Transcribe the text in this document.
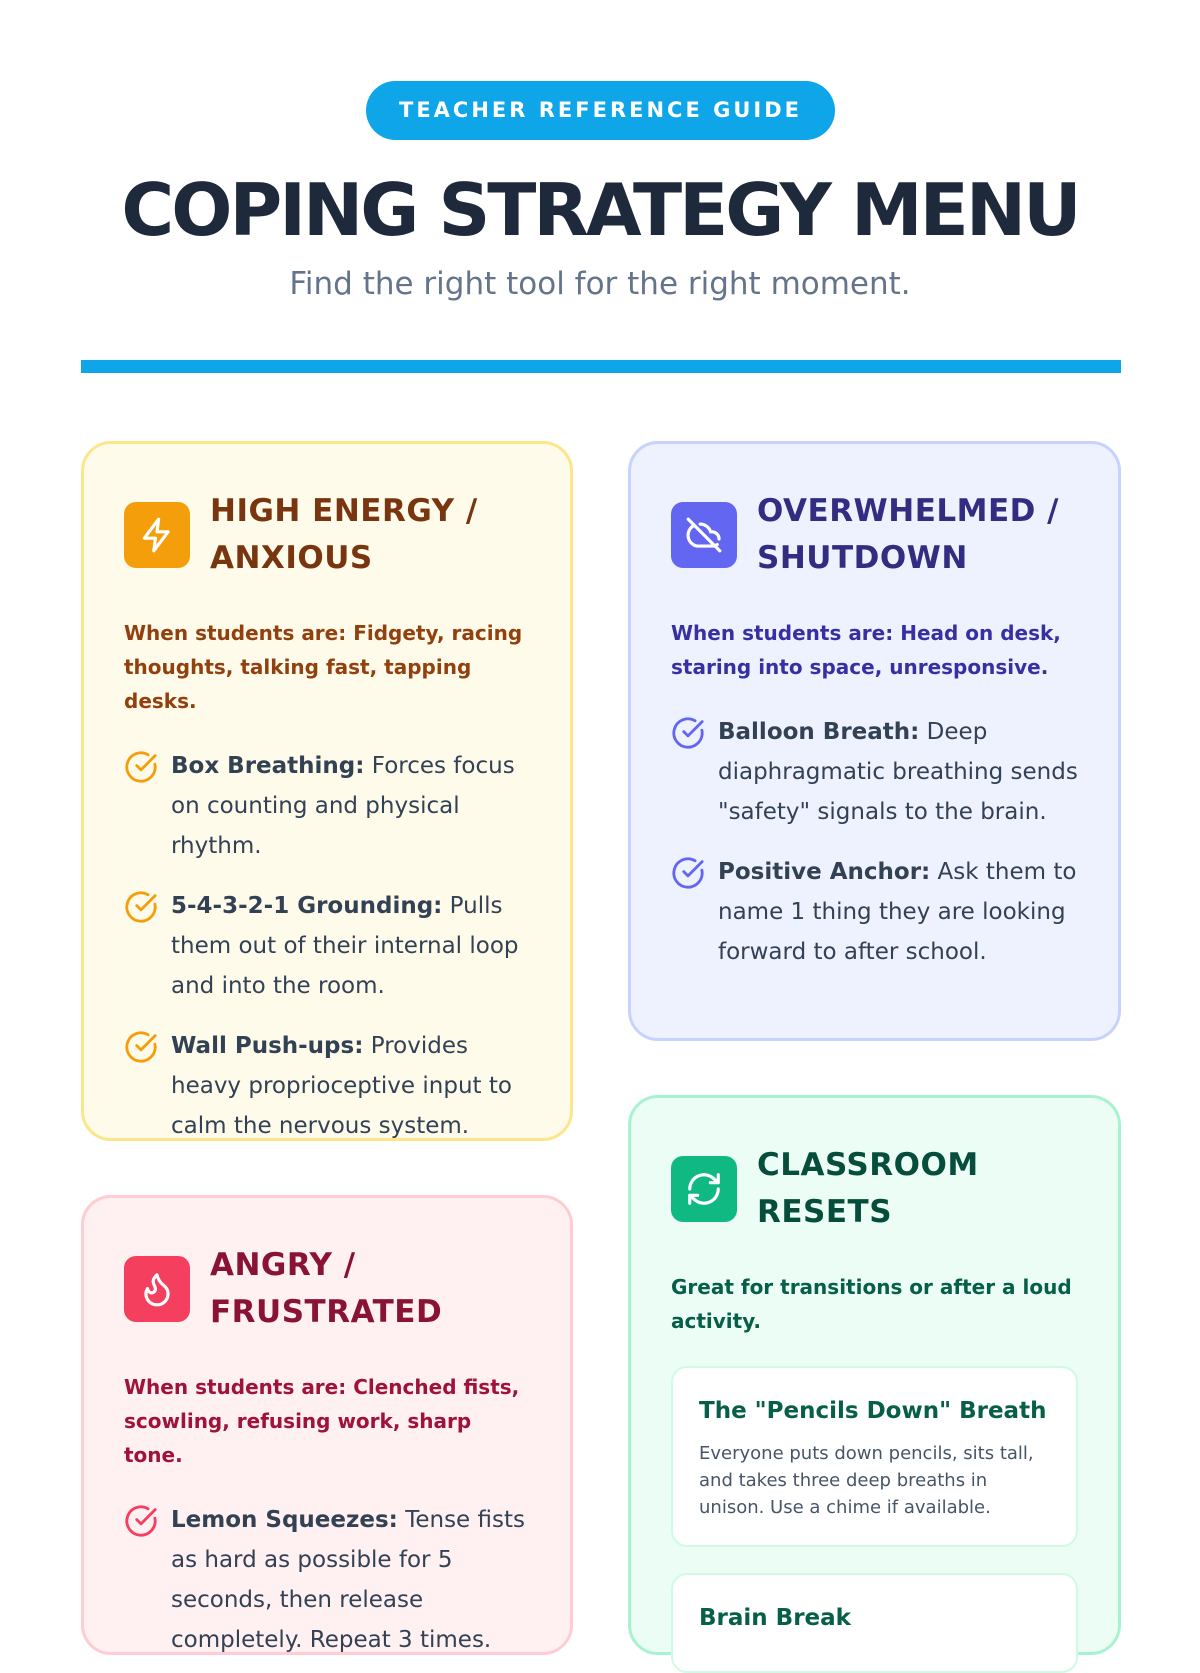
TEACHER REFERENCE GUIDE
COPING STRATEGY MENU
Find the right tool for the right moment.
HIGH ENERGY /
ANXIOUS

When students are: Fidgety, racing thoughts, talking fast, tapping desks.

Box Breathing: Forces focus on counting and physical rhythm.
5-4-3-2-1 Grounding: Pulls them out of their internal loop and into the room.
Wall Push-ups: Provides heavy proprioceptive input to calm the nervous system.
OVERWHELMED /
SHUTDOWN

When students are: Head on desk, staring into space, unresponsive.

Balloon Breath: Deep diaphragmatic breathing sends "safety" signals to the brain.
Positive Anchor: Ask them to name 1 thing they are looking forward to after school.
ANGRY /
FRUSTRATED

When students are: Clenched fists, scowling, refusing work, sharp tone.

Lemon Squeezes: Tense fists as hard as possible for 5 seconds, then release completely. Repeat 3 times.
CLASSROOM
RESETS

Great for transitions or after a loud activity.

The "Pencils Down" Breath
Everyone puts down pencils, sits tall, and takes three deep breaths in unison. Use a chime if available.
Brain Break
